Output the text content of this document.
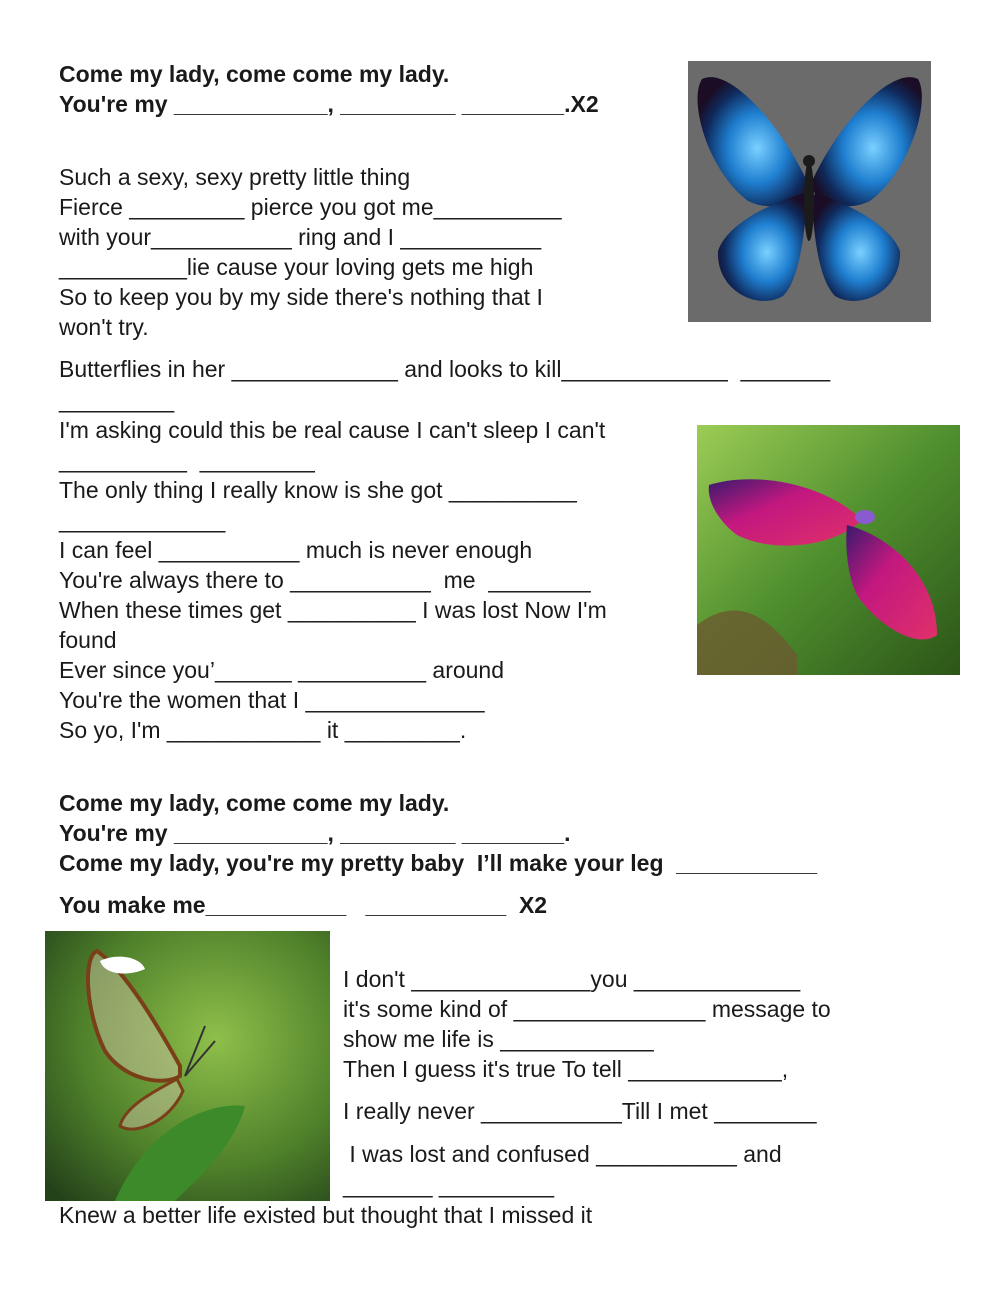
Come my lady, come come my lady.
You're my ____________, _________ ________.X2
Such a sexy, sexy pretty little thing
Fierce _________ pierce you got me__________
with your___________ ring and I ___________
__________lie cause your loving gets me high
So to keep you by my side there's nothing that I
won't try.
Butterflies in her _____________ and looks to kill_____________  _______
_________
I'm asking could this be real cause I can't sleep I can't
__________  _________
The only thing I really know is she got __________
_____________
I can feel ___________ much is never enough
You're always there to ___________  me  ________
When these times get __________ I was lost Now I'm
found
Ever since you’______ __________ around
You're the women that I ______________
So yo, I'm ____________ it _________.
Come my lady, come come my lady.
You're my ____________, _________ ________.
Come my lady, you're my pretty baby  I’ll make your leg  ___________
You make me___________   ___________  X2
I don't ______________you _____________
it's some kind of _______________ message to
show me life is ____________
Then I guess it's true To tell ____________,
I really never ___________Till I met ________
I was lost and confused ___________ and
_______ _________
Knew a better life existed but thought that I missed it
